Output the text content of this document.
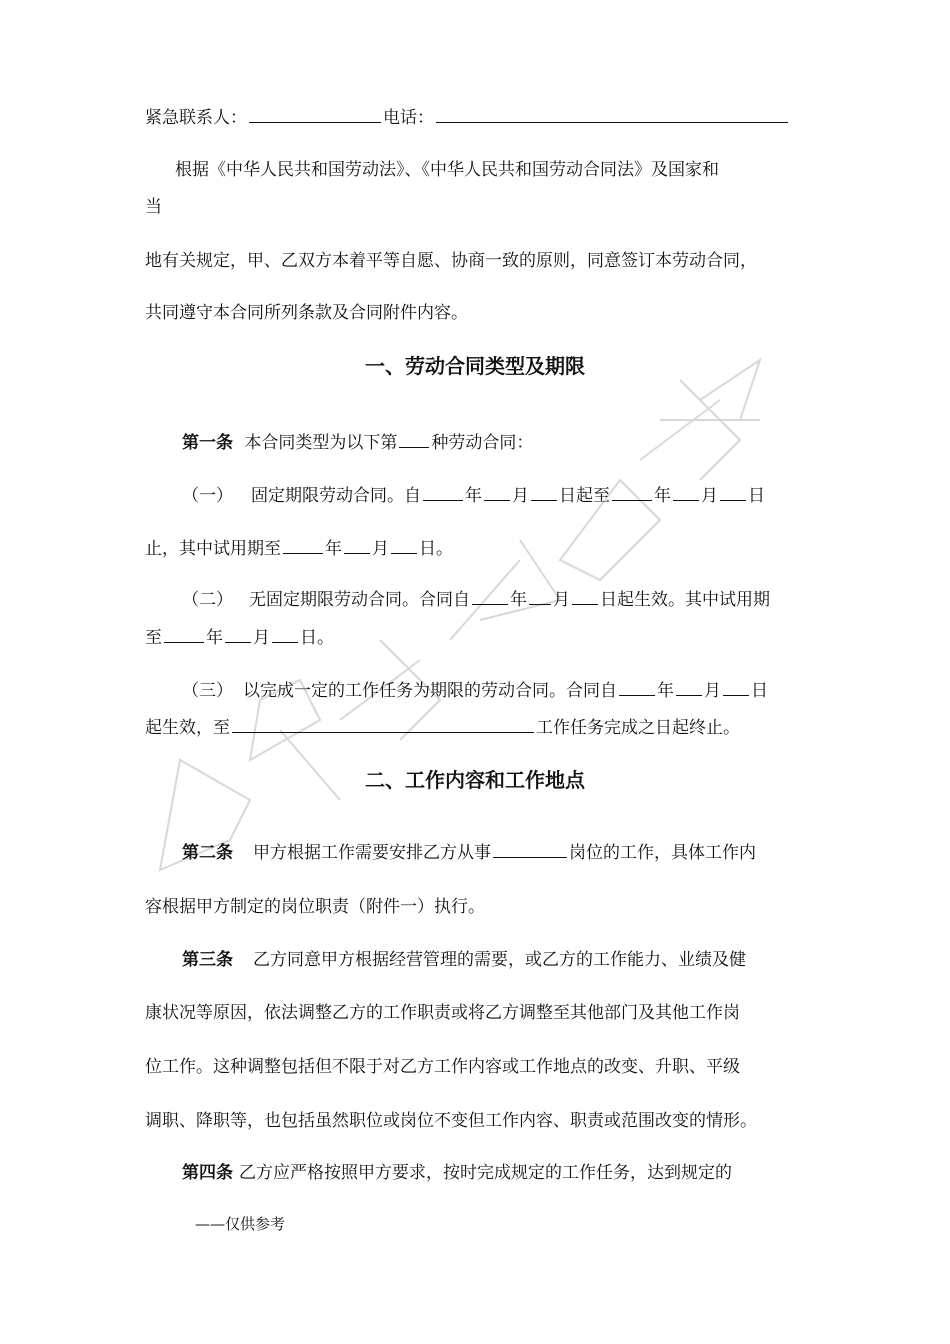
紧急联系人：	电话：
根据《中华人民共和国劳动法》、《中华人民共和国劳动合同法》及国家和
当
地有关规定，甲、乙双方本着平等自愿、协商一致的原则，同意签订本劳动合同，
共同遵守本合同所列条款及合同附件内容。
一、劳动合同类型及期限
第一条 本合同类型为以下第 种劳动合同：
（一） 固定期限劳动合同。自	年 月 日起至	年 月 日
止，其中试用期至	年 月 日。
（二） 无固定期限劳动合同。合同自 年 月 日起生效。其中试用期
至	年 月 日。
（三） 以完成一定的工作任务为期限的劳动合同。合同自 年 月 日
起生效，至	工作任务完成之日起终止。
二、工作内容和工作地点
第二条 甲方根据工作需要安排乙方从事	岗位的工作，具体工作内
容根据甲方制定的岗位职责（附件一）执行。
第三条 乙方同意甲方根据经营管理的需要，或乙方的工作能力、业绩及健
康状况等原因，依法调整乙方的工作职责或将乙方调整至其他部门及其他工作岗
位工作。这种调整包括但不限于对乙方工作内容或工作地点的改变、升职、平级
调职、降职等，也包括虽然职位或岗位不变但工作内容、职责或范围改变的情形。
第四条 乙方应严格按照甲方要求，按时完成规定的工作任务，达到规定的
——仅供参考
